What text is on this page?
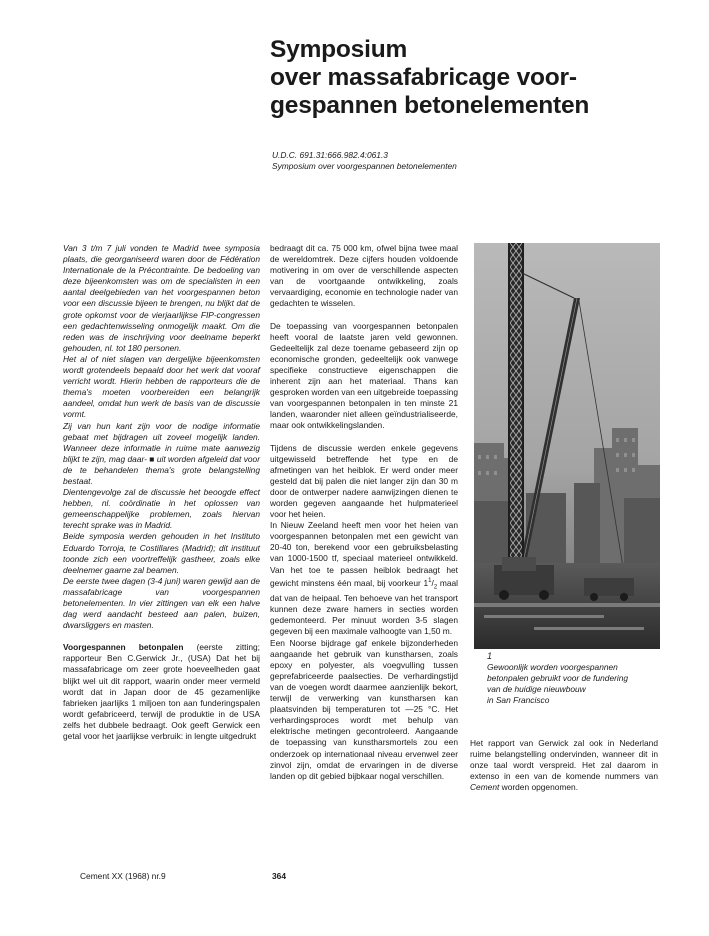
Symposium
over massafabricage voor-
gespannen betonelementen
U.D.C. 691.31:666.982.4:061.3
Symposium over voorgespannen betonelementen

Van 3 t/m 7 juli vonden te Madrid twee symposia plaats, die georganiseerd waren door de Fédération Internationale de la Précontrainte. De bedoeling van deze bijeenkomsten was om de specialisten in een aantal deelgebieden van het voorgespannen beton voor een discussie bijeen te brengen, nu blijkt dat de grote opkomst voor de vierjaarlijkse FIP-congressen een gedachtenwisseling onmogelijk maakt. Om die reden was de inschrijving voor deelname beperkt gehouden, nl. tot 180 personen.

Het al of niet slagen van dergelijke bijeenkomsten wordt grotendeels bepaald door het werk dat vooraf verricht wordt. Hierin hebben de rapporteurs die de thema's moeten voorbereiden een belangrijk aandeel, omdat hun werk de basis van de discussie vormt.

Zij van hun kant zijn voor de nodige informatie gebaat met bijdragen uit zoveel mogelijk landen. Wanneer deze informatie in ruime mate aanwezig blijkt te zijn, mag daar- ■ uit worden afgeleid dat voor de te behandelen thema's grote belangstelling bestaat.

Dientengevolge zal de discussie het beoogde effect hebben, nl. coördinatie in het oplossen van gemeenschappelijke problemen, zoals hiervan terecht sprake was in Madrid.

Beide symposia werden gehouden in het Instituto Eduardo Torroja, te Costillares (Madrid); dit instituut toonde zich een voortreffelijk gastheer, zoals elke deelnemer gaarne zal beamen.

De eerste twee dagen (3-4 juni) waren gewijd aan de massafabricage van voorgespannen betonelementen. In vier zittingen van elk een halve dag werd aandacht besteed aan palen, buizen, dwarsliggers en masten.

Voorgespannen betonpalen (eerste zitting; rapporteur Ben C.Gerwick Jr., (USA) Dat het bij massafabricage om zeer grote hoeveelheden gaat blijkt wel uit dit rapport, waarin onder meer vermeld wordt dat in Japan door de 45 gezamenlijke fabrieken jaarlijks 1 miljoen ton aan funderingspalen wordt gefabriceerd, terwijl de produktie in de USA zelfs het dubbele bedraagt. Ook geeft Gerwick een getal voor het jaarlijkse verbruik: in lengte uitgedrukt

bedraagt dit ca. 75 000 km, ofwel bijna twee maal de wereldomtrek. Deze cijfers houden voldoende motivering in om over de verschillende aspecten van de voortgaande ontwikkeling, zoals vervaardiging, economie en technologie nader van gedachten te wisselen.

De toepassing van voorgespannen betonpalen heeft vooral de laatste jaren veld gewonnen. Gedeeltelijk zal deze toename gebaseerd zijn op economische gronden, gedeeltelijk ook vanwege specifieke constructieve eigenschappen die inherent zijn aan het materiaal. Thans kan gesproken worden van een uitgebreide toepassing van voorgespannen betonpalen in ten minste 21 landen, waaronder niet alleen geïndustrialiseerde, maar ook ontwikkelingslanden.

Tijdens de discussie werden enkele gegevens uitgewisseld betreffende het type en de afmetingen van het heiblok. Er werd onder meer gesteld dat bij palen die niet langer zijn dan 30 m door de ontwerper nadere aanwijzingen dienen te worden gegeven aangaande het hulpmaterieel voor het heien.

In Nieuw Zeeland heeft men voor het heien van voorgespannen betonpalen met een gewicht van 20-40 ton, berekend voor een gebruiksbelasting van 1000-1500 tf, speciaal materieel ontwikkeld. Van het toe te passen heiblok bedraagt het gewicht minstens één maal, bij voorkeur $1^1/_2$ maal dat van de heipaal. Ten behoeve van het transport kunnen deze zware hamers in secties worden gedemonteerd. Per minuut worden 3-5 slagen gegeven bij een maximale valhoogte van 1,50 m.

Een Noorse bijdrage gaf enkele bijzonderheden aangaande het gebruik van kunstharsen, zoals epoxy en polyester, als voegvulling tussen geprefabriceerde paalsecties. De verhardingstijd van de voegen wordt daarmee aanzienlijk bekort, terwijl de verwerking van kunstharsen kan plaatsvinden bij temperaturen tot —25 °C. Het verhardingsproces wordt met behulp van elektrische metingen gecontroleerd. Aangaande de toepassing van kunstharsmortels zou een onderzoek op internationaal niveau ervenwel zeer zinvol zijn, omdat de ervaringen in de diverse landen op dit gebied bijbkaar nogal verschillen.

1
Gewoonlijk worden voorgespannen
betonpalen gebruikt voor de fundering
van de huidige nieuwbouw
in San Francisco

Het rapport van Gerwick zal ook in Nederland ruime belangstelling ondervinden, wanneer dit in onze taal wordt verspreid. Het zal daarom in extenso in een van de komende nummers van Cement worden opgenomen.

Cement XX (1968) nr.9	364
